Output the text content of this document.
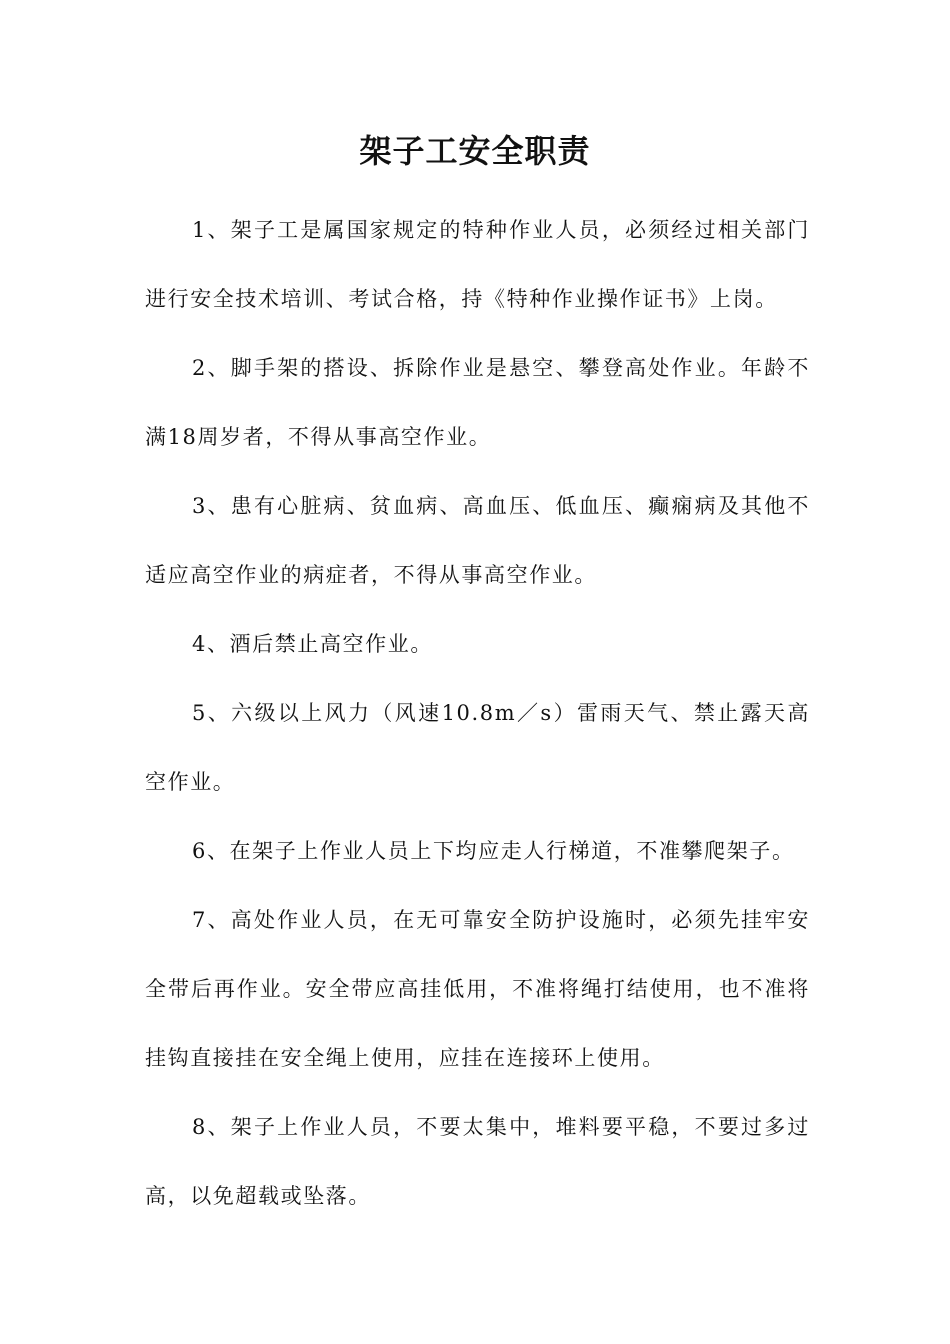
架子工安全职责

1、架子工是属国家规定的特种作业人员，必须经过相关部门进行安全技术培训、考试合格，持《特种作业操作证书》上岗。

2、脚手架的搭设、拆除作业是悬空、攀登高处作业。年龄不满18周岁者，不得从事高空作业。

3、患有心脏病、贫血病、高血压、低血压、癫痫病及其他不适应高空作业的病症者，不得从事高空作业。

4、酒后禁止高空作业。

5、六级以上风力（风速10.8m／s）雷雨天气、禁止露天高空作业。

6、在架子上作业人员上下均应走人行梯道，不准攀爬架子。

7、高处作业人员，在无可靠安全防护设施时，必须先挂牢安全带后再作业。安全带应高挂低用，不准将绳打结使用，也不准将挂钩直接挂在安全绳上使用，应挂在连接环上使用。

8、架子上作业人员，不要太集中，堆料要平稳，不要过多过高，以免超载或坠落。
